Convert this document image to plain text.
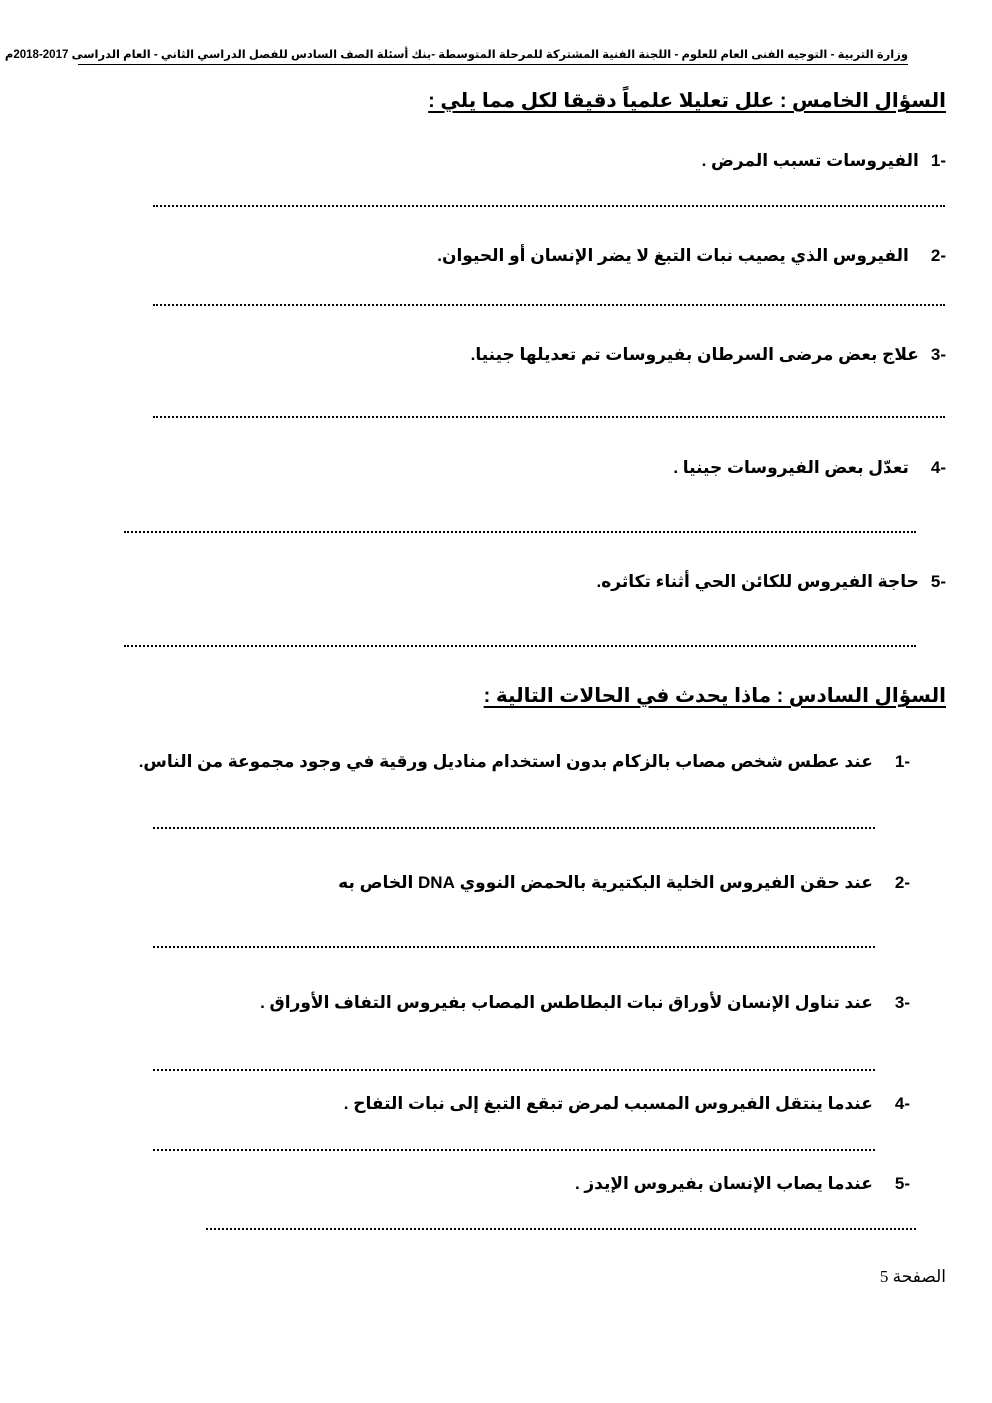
وزارة التربية - التوجيه الفنى العام للعلوم - اللجنة الفنية المشتركة للمرحلة المتوسطة -بنك أسئلة الصف السادس للفصل الدراسي الثاني - العام الدراسى 2017-2018م
السؤال الخامس : علل تعليلا علمياً دقيقا لكل مما يلي :
-1الفيروسات تسبب المرض .
-2الفيروس الذي يصيب نبات التبغ لا يضر الإنسان أو الحيوان.
-3علاج بعض مرضى السرطان بفيروسات تم تعديلها جينيا.
-4تعدّل بعض الفيروسات جينيا .
-5حاجة الفيروس للكائن الحي أثناء تكاثره.
السؤال السادس : ماذا يحدث في الحالات التالية :
-1عند عطس شخص مصاب بالزكام بدون استخدام مناديل ورقية في وجود مجموعة من الناس.
-2عند حقن الفيروس الخلية البكتيرية بالحمض النووي DNA الخاص به
-3عند تناول الإنسان لأوراق نبات البطاطس المصاب بفيروس التفاف الأوراق .
-4عندما ينتقل الفيروس المسبب لمرض تبقع التبغ إلى نبات التفاح .
-5عندما يصاب الإنسان بفيروس الإيدز .
الصفحة 5
